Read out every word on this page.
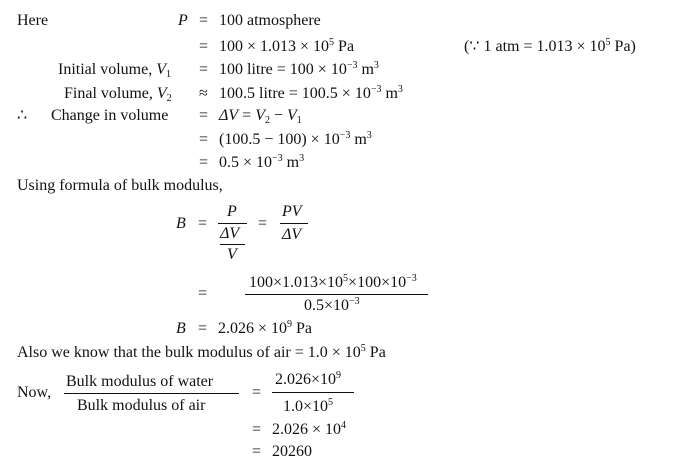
Here	P = 100 atmosphere
= $100 \times 1.013 \times 10^5$ Pa	(∵ 1 atm = $1.013 \times 10^5$ Pa)
Initial volume, $V_1 = 100$ litre = $100 \times 10^{-3}$ $m^3$
Final volume, $V_2 \approx 100.5$ litre = $100.5 \times 10^{-3}$ $m^3$
∴ Change in volume = $\Delta V = V_2 - V_1$
= $(100.5 - 100) \times 10^{-3}$ $m^3$
= $0.5 \times 10^{-3}$ $m^3$
Using formula of bulk modulus,
B =
P
ΔV
V
=
PV
ΔV
=
$100\times 1.013\times 10^5\times 100\times 10^{-3}$
$0.5\times 10^{-3}$
$B = 2.026 \times 10^9$ Pa
Also we know that the bulk modulus of air = $1.0 \times 10^5$ Pa
Now,
Bulk modulus of water
Bulk modulus of air
=
$2.026\times 10^9$
$1.0\times 10^5$
= $2.026 \times 10^4$
= 20260
